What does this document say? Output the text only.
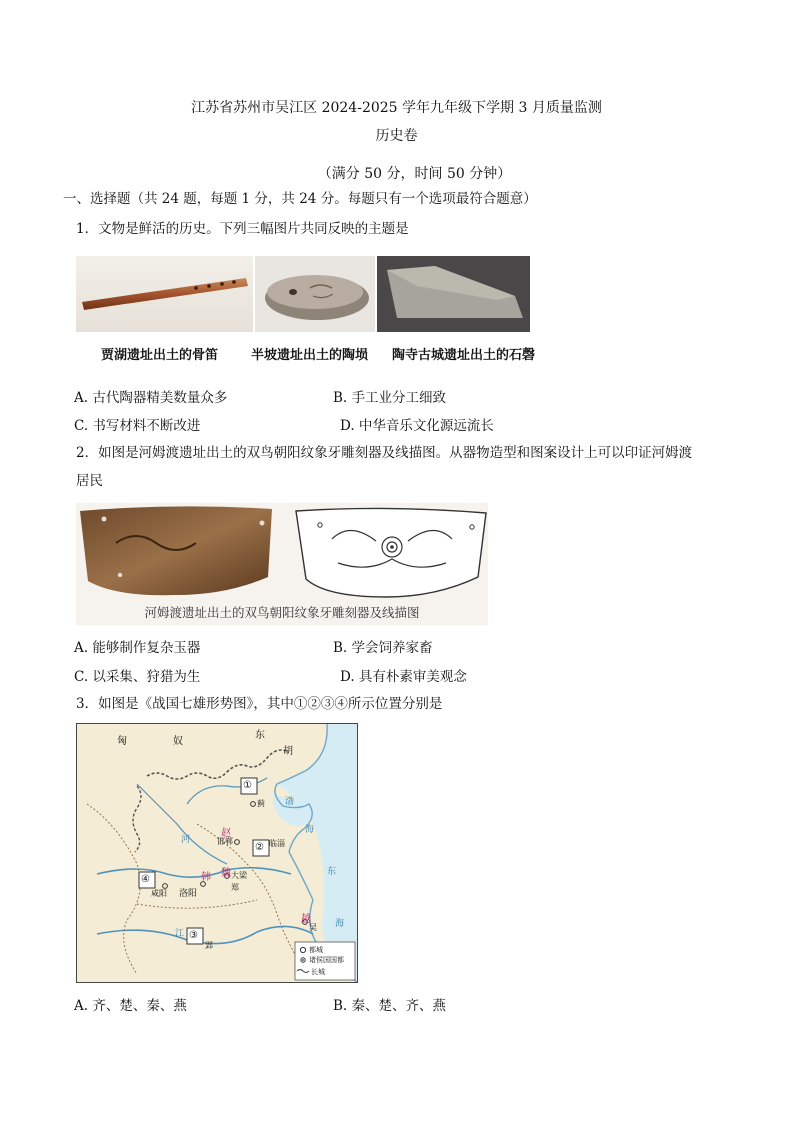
江苏省苏州市吴江区 2024-2025 学年九年级下学期 3 月质量监测
历史卷
（满分 50 分，时间 50 分钟）
一、选择题（共 24 题，每题 1 分，共 24 分。每题只有一个选项最符合题意）
1．文物是鲜活的历史。下列三幅图片共同反映的主题是
贾湖遗址出土的骨笛	半坡遗址出土的陶埙 陶寺古城遗址出土的石磬
A. 古代陶器精美数量众多	B. 手工业分工细致
C. 书写材料不断改进	D. 中华音乐文化源远流长
2．如图是河姆渡遗址出土的双鸟朝阳纹象牙雕刻器及线描图。从器物造型和图案设计上可以印证河姆渡
居民
河姆渡遗址出土的双鸟朝阳纹象牙雕刻器及线描图
A. 能够制作复杂玉器	B. 学会饲养家畜
C. 以采集、狩猎为生	D. 具有朴素审美观念
3．如图是《战国七雄形势图》，其中①②③④所示位置分别是
匈	奴
东
胡
①
②
③
④
赵
魏
韩
越
邯郸
洛阳
大梁
临淄
咸阳
郑
郢
蓟
吴
渤
海
东
海
河
江
都城
诸侯国国都
长城
A. 齐、楚、秦、燕	B. 秦、楚、齐、燕
